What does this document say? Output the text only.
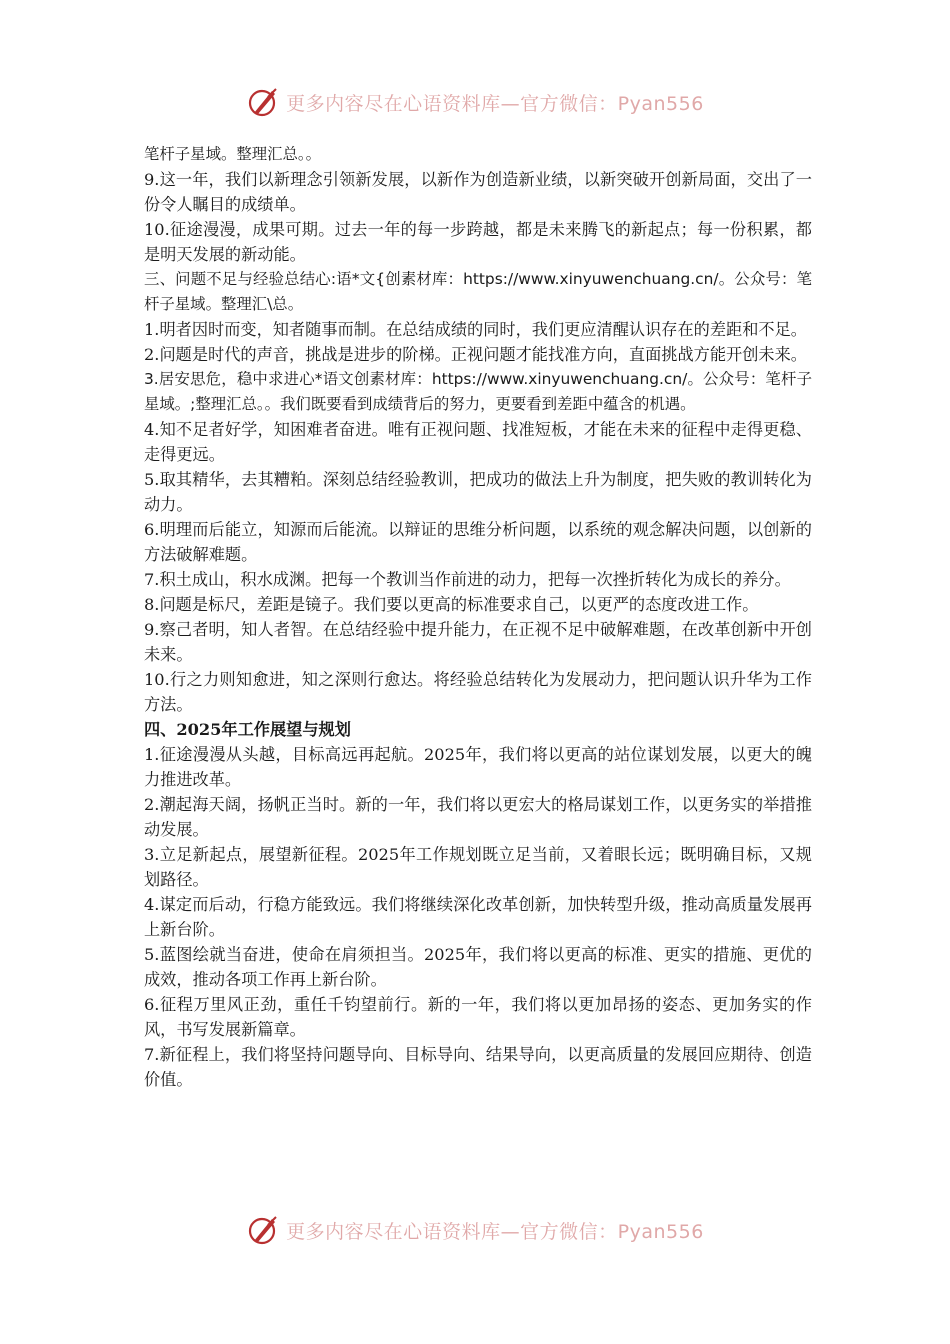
更多内容尽在心语资料库—官方微信：Pyan556

笔杆子星域。整理汇总。。

9.这一年，我们以新理念引领新发展，以新作为创造新业绩，以新突破开创新局面，交出了一份令人瞩目的成绩单。

10.征途漫漫，成果可期。过去一年的每一步跨越，都是未来腾飞的新起点；每一份积累，都是明天发展的新动能。

三、问题不足与经验总结心:语*文{创素材库：https://www.xinyuwenchuang.cn/。公众号：笔杆子星域。整理汇\总。

1.明者因时而变，知者随事而制。在总结成绩的同时，我们更应清醒认识存在的差距和不足。

2.问题是时代的声音，挑战是进步的阶梯。正视问题才能找准方向，直面挑战方能开创未来。

3.居安思危，稳中求进心*语文创素材库：https://www.xinyuwenchuang.cn/。公众号：笔杆子星域。;整理汇总。。我们既要看到成绩背后的努力，更要看到差距中蕴含的机遇。

4.知不足者好学，知困难者奋进。唯有正视问题、找准短板，才能在未来的征程中走得更稳、走得更远。

5.取其精华，去其糟粕。深刻总结经验教训，把成功的做法上升为制度，把失败的教训转化为动力。

6.明理而后能立，知源而后能流。以辩证的思维分析问题，以系统的观念解决问题，以创新的方法破解难题。

7.积土成山，积水成渊。把每一个教训当作前进的动力，把每一次挫折转化为成长的养分。

8.问题是标尺，差距是镜子。我们要以更高的标准要求自己，以更严的态度改进工作。

9.察己者明，知人者智。在总结经验中提升能力，在正视不足中破解难题，在改革创新中开创未来。

10.行之力则知愈进，知之深则行愈达。将经验总结转化为发展动力，把问题认识升华为工作方法。

四、2025年工作展望与规划

1.征途漫漫从头越，目标高远再起航。2025年，我们将以更高的站位谋划发展，以更大的魄力推进改革。

2.潮起海天阔，扬帆正当时。新的一年，我们将以更宏大的格局谋划工作，以更务实的举措推动发展。

3.立足新起点，展望新征程。2025年工作规划既立足当前，又着眼长远；既明确目标，又规划路径。

4.谋定而后动，行稳方能致远。我们将继续深化改革创新，加快转型升级，推动高质量发展再上新台阶。

5.蓝图绘就当奋进，使命在肩须担当。2025年，我们将以更高的标准、更实的措施、更优的成效，推动各项工作再上新台阶。

6.征程万里风正劲，重任千钧望前行。新的一年，我们将以更加昂扬的姿态、更加务实的作风，书写发展新篇章。

7.新征程上，我们将坚持问题导向、目标导向、结果导向，以更高质量的发展回应期待、创造价值。

更多内容尽在心语资料库—官方微信：Pyan556
